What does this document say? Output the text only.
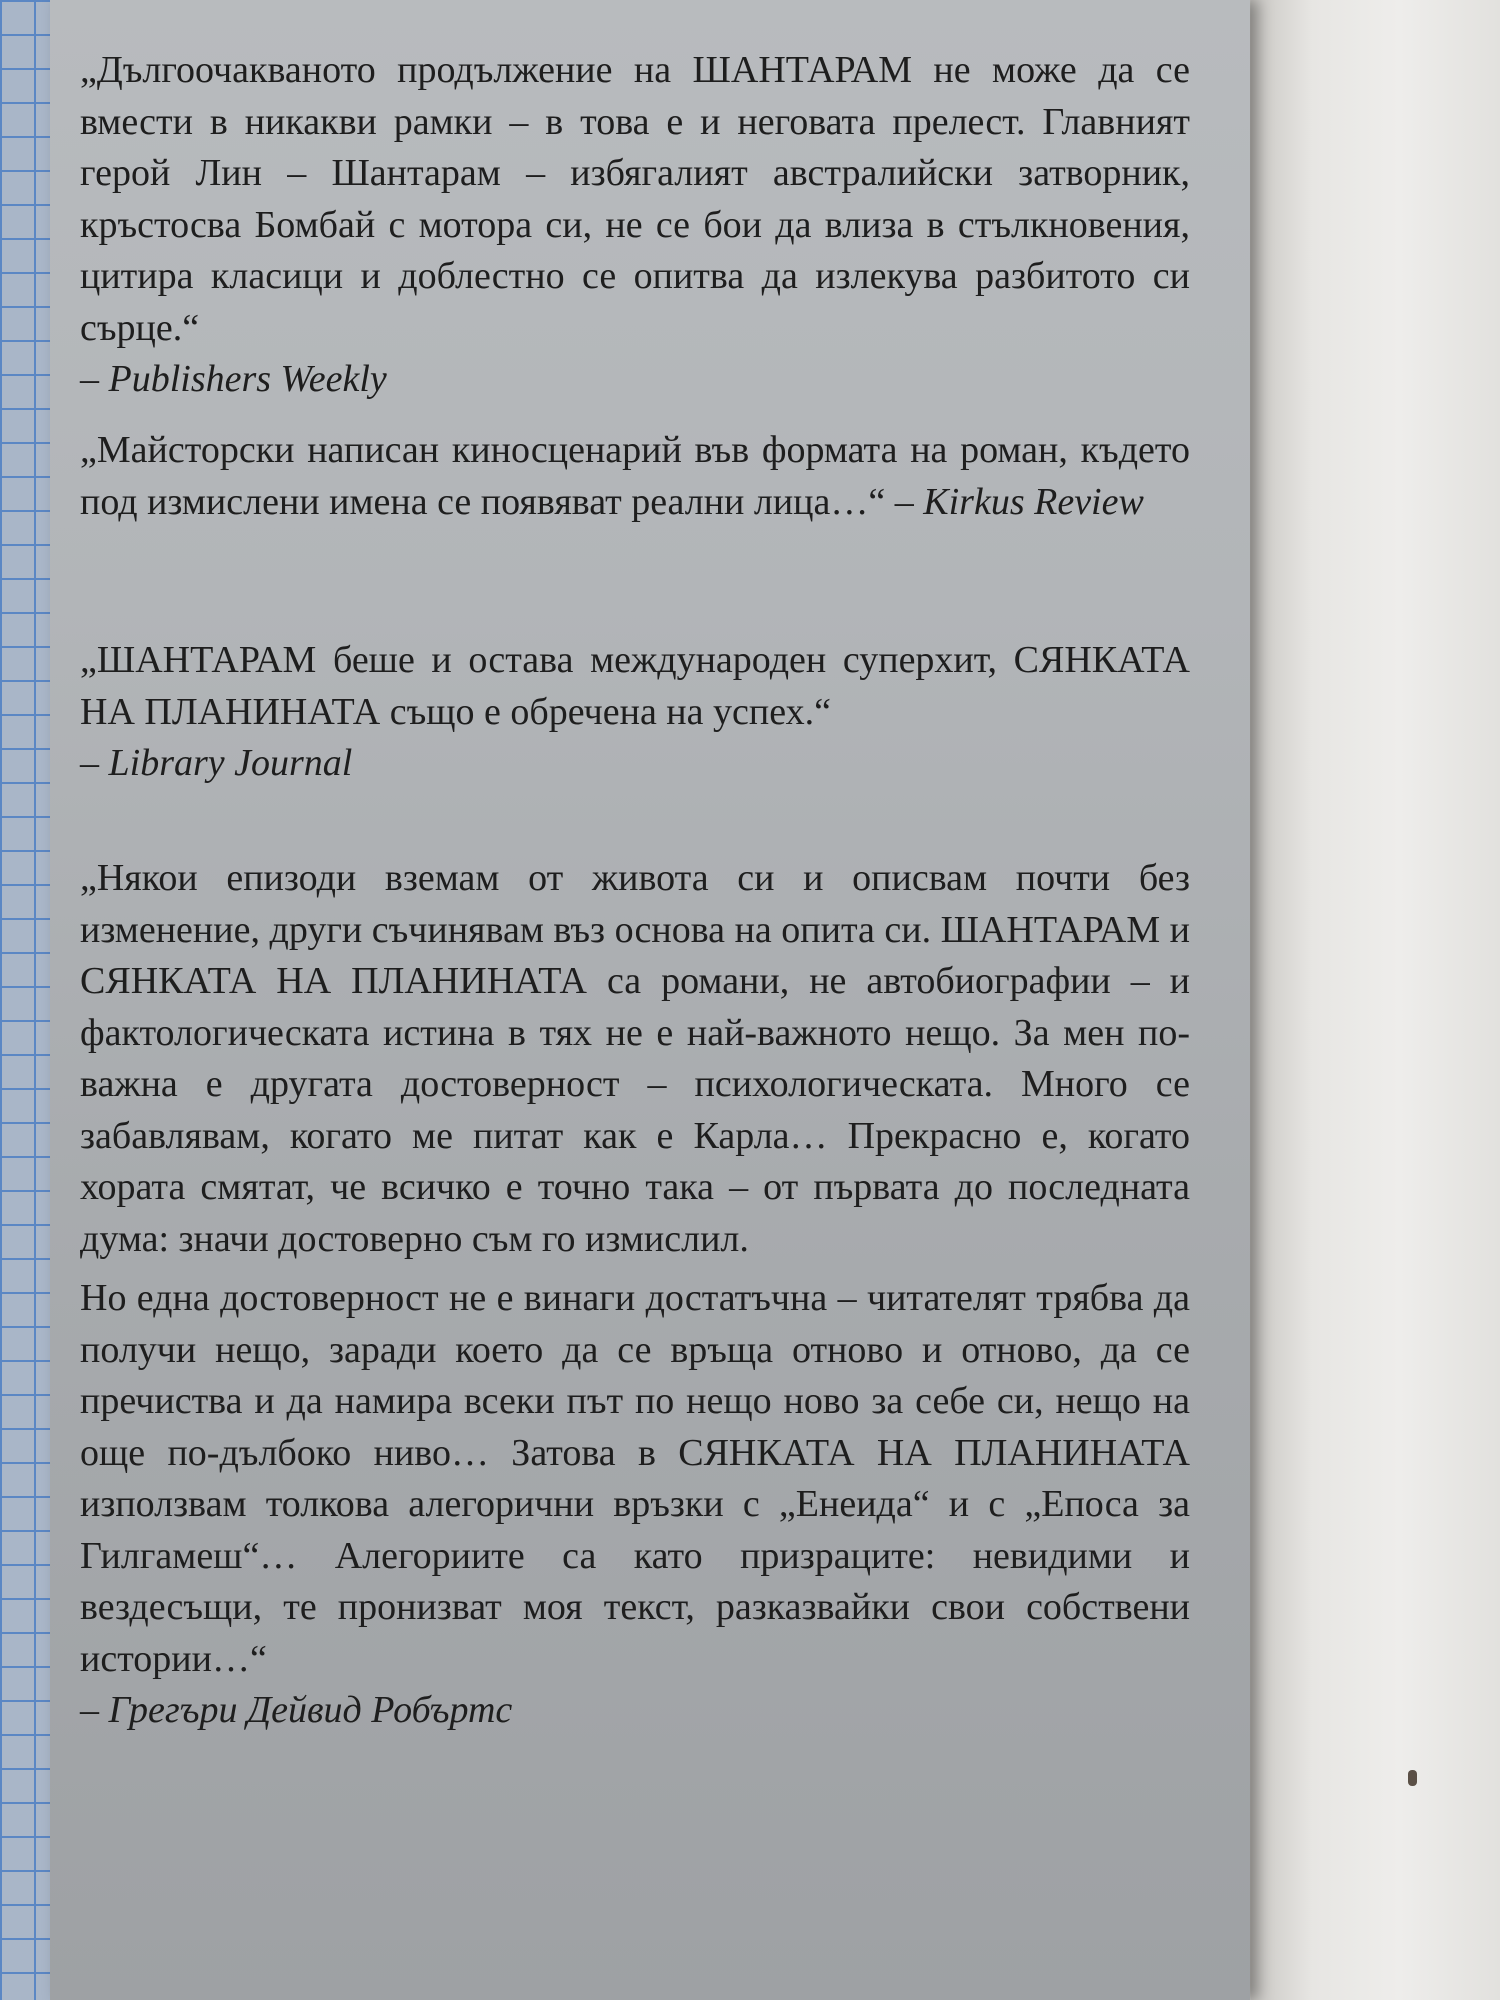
„Дългоочакваното продължение на ШАНТАРАМ не може да се вмести в никакви рамки – в това е и неговата прелест. Главният герой Лин – Шантарам – избягалият австралийски затворник, кръстосва Бомбай с мотора си, не се бои да влиза в стълкновения, цитира класици и доблестно се опитва да излекува разбитото си сърце.“

– Publishers Weekly

„Майсторски написан киносценарий във формата на роман, където под измислени имена се появяват реални лица…“ – Kirkus Review

„ШАНТАРАМ беше и остава международен суперхит, СЯНКАТА НА ПЛАНИНАТА също е обречена на успех.“

– Library Journal

„Някои епизоди вземам от живота си и описвам почти без изменение, други съчинявам въз основа на опита си. ШАНТАРАМ и СЯНКАТА НА ПЛАНИНАТА са романи, не автобиографии – и фактологическата истина в тях не е най-важното нещо. За мен по-важна е другата достоверност – психологическата. Много се забавлявам, когато ме питат как е Карла… Прекрасно е, когато хората смятат, че всичко е точно така – от първата до последната дума: значи достоверно съм го измислил.

Но една достоверност не е винаги достатъчна – читателят трябва да получи нещо, заради което да се връща отново и отново, да се пречиства и да намира всеки път по нещо ново за себе си, нещо на още по-дълбоко ниво… Затова в СЯНКАТА НА ПЛАНИНАТА използвам толкова алегорични връзки с „Енеида“ и с „Епоса за Гилгамеш“… Алегориите са като призраците: невидими и вездесъщи, те пронизват моя текст, разказвайки свои собствени истории…“

– Грегъри Дейвид Робъртс
